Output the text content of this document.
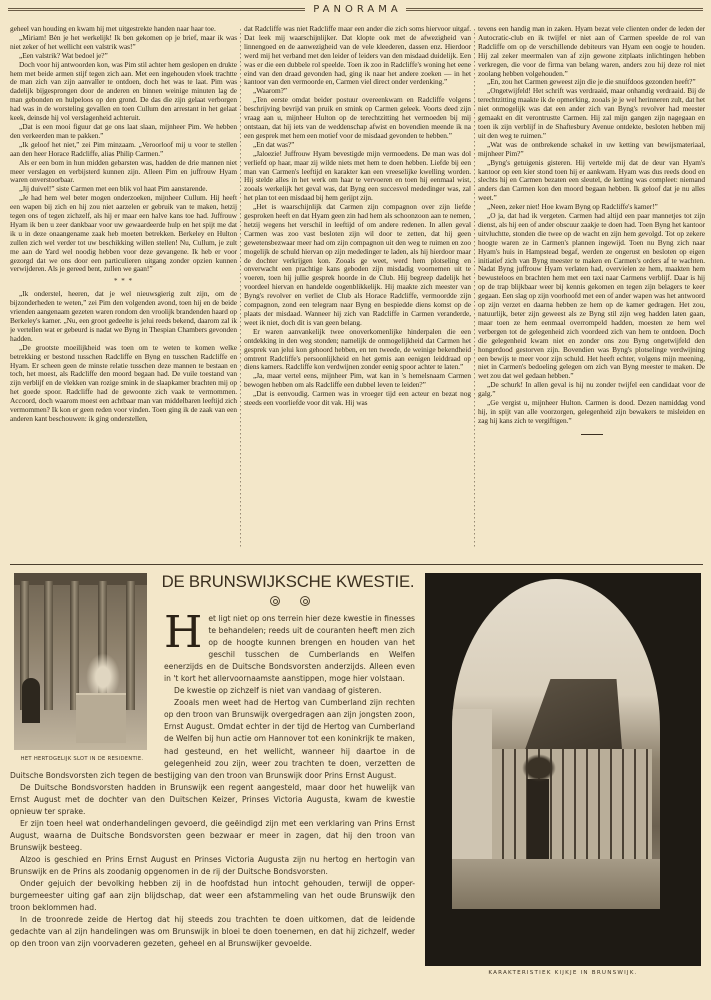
PANORAMA

geheel van houding en kwam hij met uitgestrekte handen naar haar toe.

„Miriam! Bèn je het werkelijk! Ik ben gekomen op je brief, maar ik was niet zeker of het wellicht een valstrik was!”

„Een valstrik? Wat bedoel je?”

Doch voor hij antwoorden kon, was Pim stil achter hem geslopen en drukte hem met beide armen stijf tegen zich aan. Met een ingehouden vloek trachtte de man zich van zijn aanvaller te ontdoen, doch het was te laat. Pim was dadelijk bijgesprongen door de anderen en binnen weinige minuten lag de man gebonden en hulpeloos op den grond. De das die zijn gelaat verborgen had was in de worsteling gevallen en toen Cullum den arrestant in het gelaat keek, deinsde hij vol verslagenheid achteruit.

„Dat is een mooi figuur dat ge ons laat slaan, mijnheer Pim. We hebben den verkeerden man te pakken.”

„Ik geloof het niet,” zei Pim minzaam. „Veroorloof mij u voor te stellen aan den heer Horace Radcliffe, alias Philip Carmen.”

Als er een bom in hun midden gebarsten was, hadden de drie mannen niet meer verslagen en verbijsterd kunnen zijn. Alleen Pim en juffrouw Hyam waren onverstoorbaar.

„Jij duivel!” siste Carmen met een blik vol haat Pim aanstarende.

„Je had hem wel beter mogen onderzoeken, mijnheer Cullum. Hij heeft een wapen bij zich en hij zou niet aarzelen er gebruik van te maken, hetzij tegen ons of tegen zichzelf, als hij er maar een halve kans toe had. Juffrouw Hyam ik ben u zeer dankbaar voor uw gewaardeerde hulp en het spijt me dat ik u in deze onaangename zaak heb moeten betrekken. Berkeley en Hulton zullen zich wel verder tot uw beschikking willen stellen! Nu, Cullum, je zult me aan de Yard wel noodig hebben voor deze gevangene. Ik heb er voor gezorgd dat we ons door een particulieren uitgang zonder opzien kunnen verwijderen. Als je gereed bent, zullen we gaan!”

* * *

„Ik onderstel, heeren, dat je wel nieuwsgierig zult zijn, om de bijzonderheden te weten,” zei Pim den volgenden avond, toen hij en de beide vrienden aangenaam gezeten waren rondom den vroolijk brandenden haard op Berkeley's kamer. „Nu, een groot gedeelte is jelui reeds bekend, daarom zal ik je vertellen wat er gebeurd is nadat we Byng in Thespian Chambers gevonden hadden.

„De grootste moeilijkheid was toen om te weten te komen welke betrekking er bestond tusschen Radcliffe en Byng en tusschen Radcliffe en Hyam. Er scheen geen de minste relatie tusschen deze mannen te bestaan en toch, het moest, als Radcliffe den moord begaan had. De vuile toestand van zijn verblijf en de vlekken van rozige smink in de slaapkamer brachten mij op het goede spoor. Radcliffe had de gewoonte zich vaak te vermommen. Accoord, doch waarom moest een achtbaar man van middelbaren leeftijd zich vermommen? Ik kon er geen reden voor vinden. Toen ging ik de zaak van een anderen kant beschouwen: ik ging onderstellen,

dat Radcliffe was niet Radcliffe maar een ander die zich soms hiervoor uitgaf. Dat leek mij waarschijnlijker. Dat klopte ook met de afwezigheid van linnengoed en de aanwezigheid van de vele kleederen, dassen enz. Hierdoor werd mij het verband met den leider of leiders van den misdaad duidelijk. Een was er die een dubbele rol speelde. Toen ik zoo in Radcliffe's woning het eene eind van den draad gevonden had, ging ik naar het andere zoeken — in het kantoor van den vermoorde en, Carmen viel direct onder verdenking.”

„Waarom?”

„Ten eerste omdat beider postuur overeenkwam en Radcliffe volgens beschrijving bevrijd van pruik en smink op Carmen geleek. Voorts deed zijn vraag aan u, mijnheer Hulton op de terechtzitting het vermoeden bij mij ontstaan, dat hij iets van de weddenschap afwist en bovendien meende ik na een gesprek met hem een motief voor de misdaad gevonden te hebben.”

„En dat was?”

„Jaloezie! Juffrouw Hyam bevestigde mijn vermoedens. De man was dol verliefd op haar, maar zij wilde niets met hem te doen hebben. Liefde bij een man van Carmen's leeftijd en karakter kan een vreeselijke kwelling worden. Hij stelde alles in het werk om haar te vervoeren en toen hij eenmaal wist, zooals werkelijk het geval was, dat Byng een succesvol mededinger was, zal het plan tot een misdaad bij hem gerijpt zijn.

„Het is waarschijnlijk dat Carmen zijn compagnon over zijn liefde gesproken heeft en dat Hyam geen zin had hem als schoonzoon aan te nemen, hetzij wegens het verschil in leeftijd of om andere redenen. In allen geval Carmen was zoo vast besloten zijn wil door te zetten, dat hij geen gewetensbezwaar meer had om zijn compagnon uit den weg te ruimen en zoo mogelijk de schuld hiervan op zijn mededinger te laden, als hij hierdoor maar de dochter verkrijgen kon. Zooals ge weet, werd hem plotseling en onverwacht een prachtige kans geboden zijn misdadig voornemen uit te voeren, toen hij jullie gesprek hoorde in de Club. Hij begreep dadelijk het voordeel hiervan en handelde oogenblikkelijk. Hij maakte zich meester van Byng's revolver en verliet de Club als Horace Radcliffe, vermoordde zijn compagnon, zond een telegram naar Byng en bespiedde diens komst op de plaats der misdaad. Wanneer hij zich van Radcliffe in Carmen veranderde, weet ik niet, doch dit is van geen belang.

Er waren aanvankelijk twee onoverkomenlijke hinderpalen die een ontdekking in den weg stonden; namelijk de onmogelijkheid dat Carmen het gesprek van jelui kon gehoord hebben, en ten tweede, de weinige bekendheid omtrent Radcliffe's persoonlijkheid en het gemis aan eenigen leiddraad op diens kamers. Radcliffe kon verdwijnen zonder eenig spoor achter te laten.”

„Ja, maar vertel eens, mijnheer Pim, wat kan in 's hemelsnaam Carmen bewogen hebben om als Radcliffe een dubbel leven te leiden?”

„Dat is eenvoudig. Carmen was in vroeger tijd een acteur en bezat nog steeds een voorliefde voor dit vak. Hij was

tevens een handig man in zaken. Hyam bezat vele clienten onder de leden der Autocratic-club en ik twijfel er niet aan of Carmen speelde de rol van Radcliffe om op de verschillende debiteurs van Hyam een oogje te houden. Hij zal zeker meermalen van af zijn gewone zitplaats inlichtingen hebben verkregen, die voor de firma van belang waren, anders zou hij deze rol niet zoolang hebben volgehouden.”

„En, zou het Carmen geweest zijn die je die snuifdoos gezonden heeft?”

„Ongetwijfeld! Het schrift was verdraaid, maar onhandig verdraaid. Bij de terechtzitting maakte ik de opmerking, zooals je je wel herinneren zult, dat het niet onmogelijk was dat een ander zich van Byng's revolver had meester gemaakt en dit verontrustte Carmen. Hij zal mijn gangen zijn nagegaan en toen ik zijn verblijf in de Shaftesbury Avenue ontdekte, besloten hebben mij uit den weg te ruimen.”

„Wat was de ontbrekende schakel in uw ketting van bewijsmateriaal, mijnheer Pim?”

„Byng's getuigenis gisteren. Hij vertelde mij dat de deur van Hyam's kantoor op een kier stond toen hij er aankwam. Hyam was dus reeds dood en slechts hij en Carmen bezaten een sleutel, de ketting was compleet: niemand anders dan Carmen kon den moord begaan hebben. Ik geloof dat je nu alles weet.”

„Neen, zeker niet! Hoe kwam Byng op Radcliffe's kamer!”

„O ja, dat had ik vergeten. Carmen had altijd een paar mannetjes tot zijn dienst, als hij een of ander obscuur zaakje te doen had. Toen Byng het kantoor uitvluchtte, stonden die twee op de wacht en zijn hem gevolgd. Tot op zekere hoogte waren ze in Carmen's plannen ingewijd. Toen nu Byng zich naar Hyam's huis in Hampstead begaf, werden ze ongerust en besloten op eigen initiatief zich van Byng meester te maken en Carmen's orders af te wachten. Nadat Byng juffrouw Hyam verlaten had, overvielen ze hem, maakten hem bewusteloos en brachten hem met een taxi naar Carmens verblijf. Daar is hij op de trap blijkbaar weer bij kennis gekomen en tegen zijn belagers te keer gegaan. Een slag op zijn voorhoofd met een of ander wapen was het antwoord op zijn verzet en daarna hebben ze hem op de kamer gedragen. Het zou, natuurlijk, beter zijn geweest als ze Byng stil zijn weg hadden laten gaan, maar toen ze hem eenmaal overrompeld hadden, moesten ze hem wel verbergen tot de gelegenheid zich voordeed zich van hem te ontdoen. Doch die gelegenheid kwam niet en zonder ons zou Byng ongetwijfeld den hongerdood gestorven zijn. Bovendien was Byng's plotselinge verdwijning een bewijs te meer voor zijn schuld. Het heeft echter, volgens mijn meening, niet in Carmen's bedoeling gelegen om zich van Byng meester te maken. De wet zou dat wel gedaan hebben.”

„De schurk! In allen geval is hij nu zonder twijfel een candidaat voor de galg.”

„Ge vergist u, mijnheer Hulton. Carmen is dood. Dezen namiddag vond hij, in spijt van alle voorzorgen, gelegenheid zijn bewakers te misleiden en zag hij kans zich te vergiftigen.”

HET HERTOGELIJK SLOT IN DE RESIDENTIE.
DE BRUNSWIJKSCHE KWESTIE.

Het ligt niet op ons terrein hier deze kwestie in finesses te behandelen; reeds uit de couranten heeft men zich op de hoogte kunnen brengen en houden van het geschil tusschen de Cumberlands en Welfen eenerzijds en de Duitsche Bondsvorsten anderzijds. Alleen even in 't kort het allervoornaamste aanstippen, moge hier volstaan.

De kwestie op zichzelf is niet van vandaag of gisteren.

Zooals men weet had de Hertog van Cumberland zijn rechten op den troon van Brunswijk overgedragen aan zijn jongsten zoon, Ernst August. Omdat echter in der tijd de Hertog van Cumberland de Welfen bij hun actie om Hannover tot een koninkrijk te maken, had gesteund, en het wellicht, wanneer hij daartoe in de gelegenheid zou zijn, weer zou trachten te doen, verzetten de Duitsche Bondsvorsten zich tegen de bestijging van den troon van Brunswijk door Prins Ernst August.

De Duitsche Bondsvorsten hadden in Brunswijk een regent aangesteld, maar door het huwelijk van Ernst August met de dochter van den Duitschen Keizer, Prinses Victoria Augusta, kwam de kwestie opnieuw ter sprake.

Er zijn toen heel wat onderhandelingen gevoerd, die geëindigd zijn met een verklaring van Prins Ernst August, waarna de Duitsche Bondsvorsten geen bezwaar er meer in zagen, dat hij den troon van Brunswijk besteeg.

Alzoo is geschied en Prins Ernst August en Prinses Victoria Augusta zijn nu hertog en hertogin van Brunswijk en de Prins als zoodanig opgenomen in de rij der Duitsche Bondsvorsten.

Onder gejuich der bevolking hebben zij in de hoofdstad hun intocht gehouden, terwijl de opper-burgemeester uiting gaf aan zijn blijdschap, dat weer een afstammeling van het oude Brunswijk den troon beklommen had.

In de troonrede zeide de Hertog dat hij steeds zou trachten te doen uitkomen, dat de leidende gedachte van al zijn handelingen was om Brunswijk in bloei te doen toenemen, en dat hij zichzelf, weder op den troon van zijn voorvaderen gezeten, geheel en al Brunswijker gevoelde.

KARAKTERISTIEK KIJKJE IN BRUNSWIJK.
